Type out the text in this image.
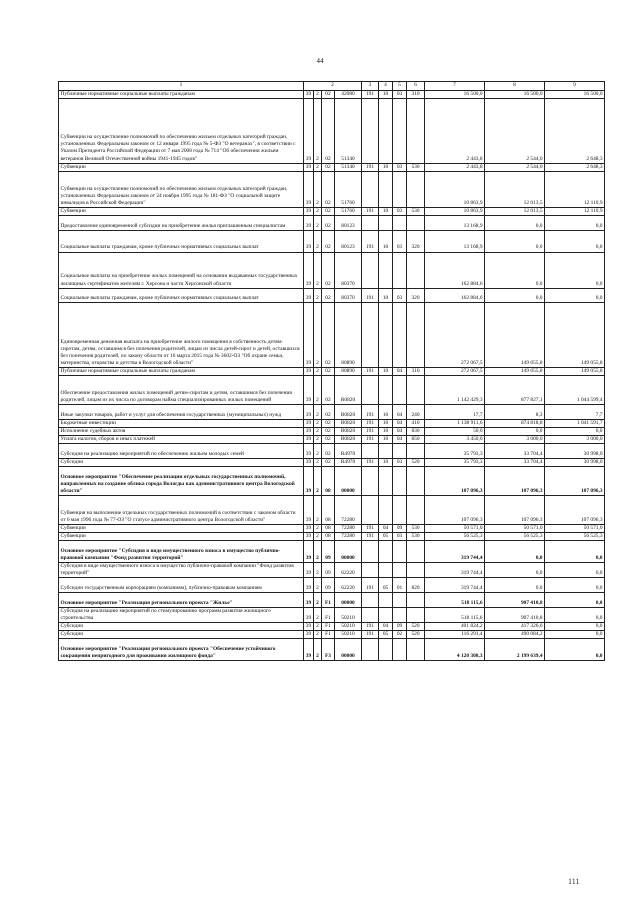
44
1	2				3	4	5	6	7	8	9
Публичные нормативные социальные выплаты гражданам	39	2	02	42080	191	10	03	310	16 500,0	16 500,0	16 500,0
Субвенции на осуществление полномочий по обеспечению жильем отдельных категорий граждан, установленных Федеральным законом от 12 января 1995 года № 5-ФЗ "О ветеранах", в соответствии с Указом Президента Российской Федерации от 7 мая 2008 года № 714 "Об обеспечении жильем ветеранов Великой Отечественной войны 1941-1945 годов"	39	2	02	51340					2 443,8	2 544,0	2 648,3
Субвенции	39	2	02	51340	191	10	03	530	2 443,8	2 544,0	2 648,3
Субвенции на осуществление полномочий по обеспечению жильем отдельных категорий граждан, установленных Федеральным законом от 24 ноября 1995 года № 181-ФЗ "О социальной защите инвалидов в Российской Федерации"	39	2	02	51760					10 863,9	12 013,5	12 110,9
Субвенции	39	2	02	51760	191	10	03	530	10 863,9	12 013,5	12 110,9
Предоставление единовременной субсидии на приобретение жилья приглашенным специалистам	39	2	02	80123					13 168,9	0,0	0,0
Социальные выплаты гражданам, кроме публичных нормативных социальных выплат	39	2	02	80123	191	10	03	320	13 168,9	0,0	0,0
Социальные выплаты на приобретение жилых помещений на основании выдаваемых государственных жилищных сертификатов жителям г. Херсона и части Херсонской области	39	2	02	80370					162 884,6	0,0	0,0
Социальные выплаты гражданам, кроме публичных нормативных социальных выплат	39	2	02	80370	191	10	03	320	162 884,6	0,0	0,0
Единовременная денежная выплата на приобретение жилого помещения в собственность детям-сиротам, детям, оставшимся без попечения родителей, лицам из числа детей-сирот и детей, оставшихся без попечения родителей, по закону области от 16 марта 2015 года № 3602-ОЗ "Об охране семьи, материнства, отцовства и детства в Вологодской области"	39	2	02	80890					272 067,5	149 055,8	149 055,8
Публичные нормативные социальные выплаты гражданам	39	2	02	80890	191	10	04	310	272 067,5	149 055,8	149 055,8
Обеспечение предоставления жилых помещений детям-сиротам и детям, оставшимся без попечения родителей, лицам из их числа по договорам найма специализированных жилых помещений	39	2	02	R0820					1 142 429,3	877 827,1	1 044 599,4
Иные закупки товаров, работ и услуг для обеспечения государственных (муниципальных) нужд	39	2	02	R0820	191	10	04	240	17,7	8,3	7,7
Бюджетные инвестиции	39	2	02	R0820	191	10	04	410	1 138 911,6	874 818,8	1 041 591,7
Исполнение судебных актов	39	2	02	R0820	191	10	04	830	50,0	0,0	0,0
Уплата налогов, сборов и иных платежей	39	2	02	R0820	191	10	04	850	3 450,0	3 000,0	3 000,0
Субсидия на реализацию мероприятий по обеспечению жильем молодых семей	39	2	02	R4970					35 793,3	33 704,4	30 998,0
Субсидии	39	2	02	R4970	191	10	03	520	35 793,3	33 704,4	30 998,0
Основное мероприятие "Обеспечение реализации отдельных государственных полномочий, направленных на создание облика города Вологды как административного центра Вологодской области"	39	2	08	00000					107 096,3	107 096,3	107 096,3
Субвенция на выполнение отдельных государственных полномочий в соответствии с законом области от 6 мая 1996 года № 77-ОЗ "О статусе административного центра Вологодской области"	39	2	08	72280					107 096,3	107 096,3	107 096,3
Субвенции	39	2	08	72280	191	04	09	530	50 571,0	50 571,0	50 571,0
Субвенции	39	2	08	72280	191	05	03	530	56 525,3	56 525,3	56 525,3
Основное мероприятие "Субсидия в виде имущественного взноса в имущество публично-правовой компании "Фонд развития территорий"	39	2	09	00000					319 744,4	0,0	0,0
Субсидия в виде имущественного взноса в имущество публично-правовой компании "Фонд развития территорий"	39	2	09	62220					319 744,4	0,0	0,0
Субсидии государственным корпорациям (компаниям), публично-правовым компаниям	39	2	09	62220	191	05	01	820	319 744,4	0,0	0,0
Основное мероприятие "Реализация регионального проекта "Жилье"	39	2	F1	00000					518 115,6	907 410,8	0,0
Субсидия на реализацию мероприятий по стимулированию программ развития жилищного строительства	39	2	F1	50210					518 115,6	907 410,8	0,0
Субсидии	39	2	F1	50210	191	04	09	520	401 824,2	417 326,6	0,0
Субсидии	39	2	F1	50210	191	05	02	520	116 291,4	490 084,2	0,0
Основное мероприятие "Реализация регионального проекта "Обеспечение устойчивого сокращения непригодного для проживания жилищного фонда"	39	2	F3	00000					4 120 308,3	2 199 639,4	0,0
111
